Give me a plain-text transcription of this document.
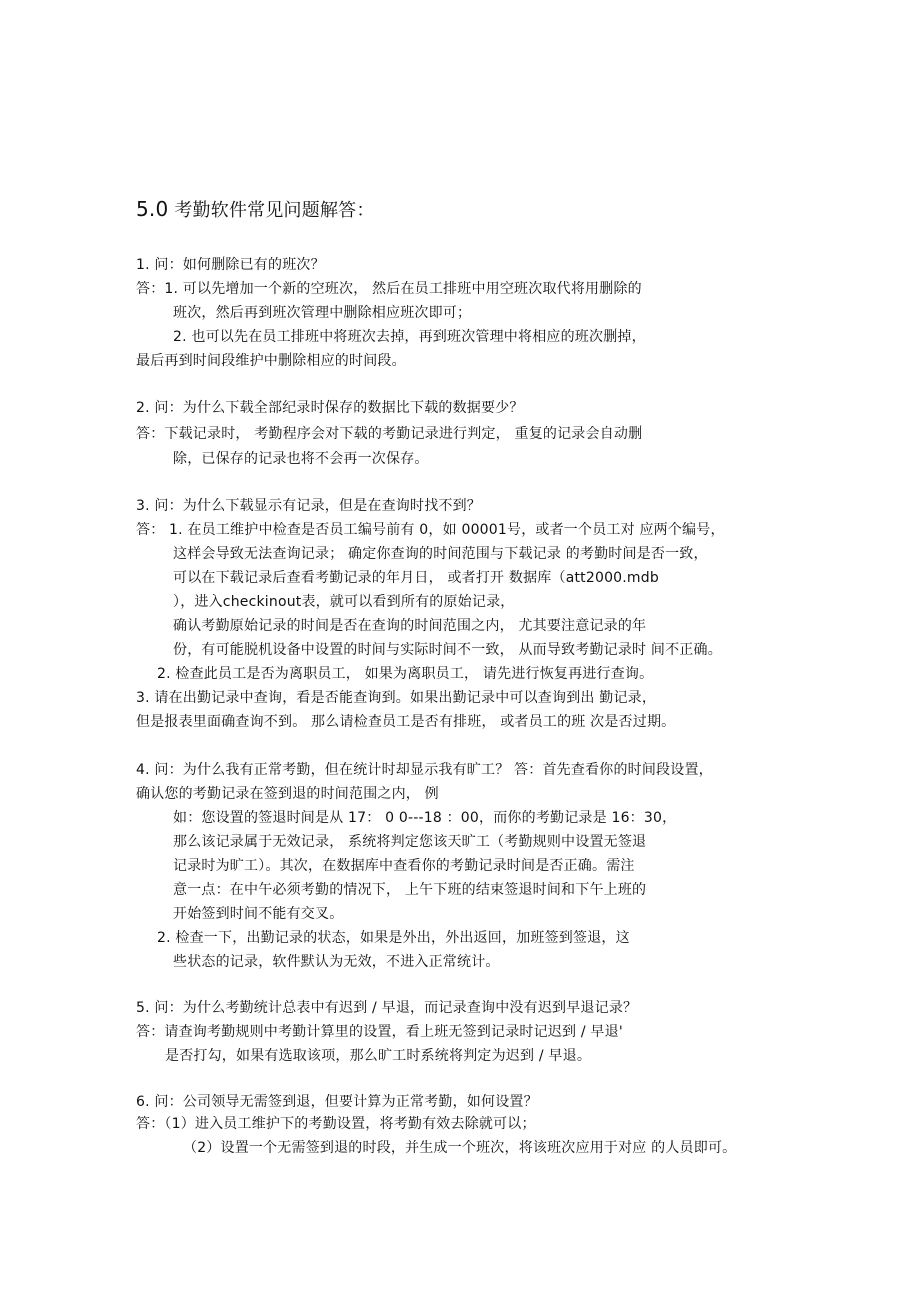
5.0 考勤软件常见问题解答：
1. 问：如何删除已有的班次？
答：1. 可以先增加一个新的空班次， 然后在员工排班中用空班次取代将用删除的
班次，然后再到班次管理中删除相应班次即可；
2. 也可以先在员工排班中将班次去掉，再到班次管理中将相应的班次删掉，
最后再到时间段维护中删除相应的时间段。
2. 问：为什么下载全部纪录时保存的数据比下载的数据要少？
答：下载记录时， 考勤程序会对下载的考勤记录进行判定， 重复的记录会自动删
除，已保存的记录也将不会再一次保存。
3. 问：为什么下载显示有记录，但是在查询时找不到？
答： 1. 在员工维护中检查是否员工编号前有 0，如 00001号，或者一个员工对 应两个编号，
这样会导致无法查询记录； 确定你查询的时间范围与下载记录 的考勤时间是否一致，
可以在下载记录后查看考勤记录的年月日， 或者打开 数据库（att2000.mdb
），进入checkinout表，就可以看到所有的原始记录，
确认考勤原始记录的时间是否在查询的时间范围之内， 尤其要注意记录的年
份，有可能脱机设备中设置的时间与实际时间不一致， 从而导致考勤记录时 间不正确。
2. 检查此员工是否为离职员工， 如果为离职员工， 请先进行恢复再进行查询。
3. 请在出勤记录中查询，看是否能查询到。如果出勤记录中可以查询到出 勤记录，
但是报表里面确查询不到。 那么请检查员工是否有排班， 或者员工的班 次是否过期。
4. 问：为什么我有正常考勤，但在统计时却显示我有旷工？ 答：首先查看你的时间段设置，
确认您的考勤记录在签到退的时间范围之内， 例
如：您设置的签退时间是从 17： 0 0---18 ：00，而你的考勤记录是 16：30，
那么该记录属于无效记录， 系统将判定您该天旷工（考勤规则中设置无签退
记录时为旷工）。其次，在数据库中查看你的考勤记录时间是否正确。需注
意一点：在中午必须考勤的情况下， 上午下班的结束签退时间和下午上班的
开始签到时间不能有交叉。
2. 检查一下，出勤记录的状态，如果是外出，外出返回，加班签到签退，这
些状态的记录，软件默认为无效，不进入正常统计。
5. 问：为什么考勤统计总表中有迟到 / 早退，而记录查询中没有迟到早退记录？
答：请查询考勤规则中考勤计算里的设置，看上班无签到记录时记迟到 / 早退'
是否打勾，如果有选取该项，那么旷工时系统将判定为迟到 / 早退。
6. 问：公司领导无需签到退，但要计算为正常考勤，如何设置？
答：（1）进入员工维护下的考勤设置，将考勤有效去除就可以；
（2）设置一个无需签到退的时段，并生成一个班次，将该班次应用于对应 的人员即可。
